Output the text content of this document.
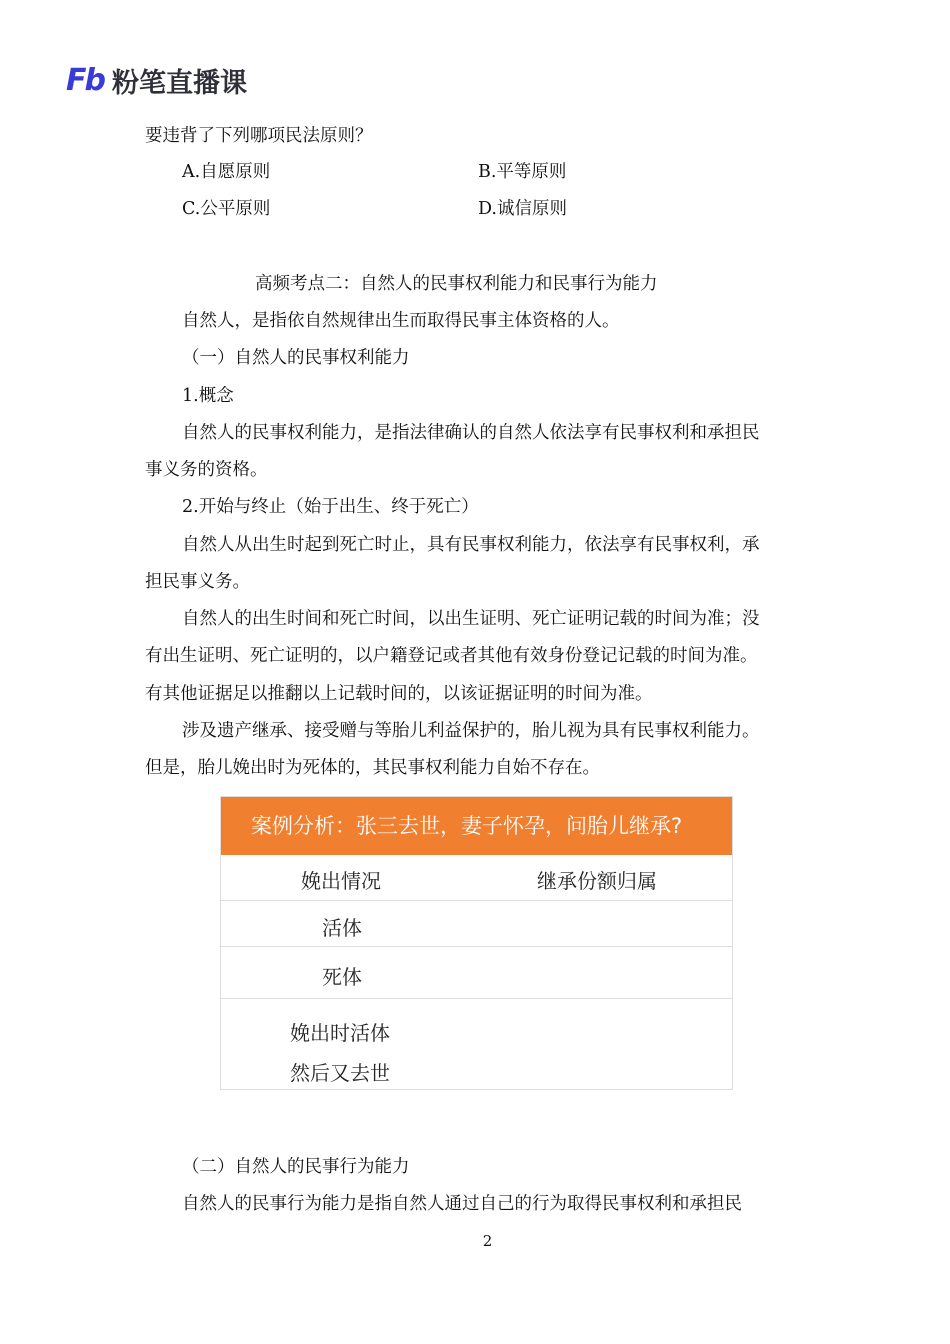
Fb 粉笔直播课
要违背了下列哪项民法原则？
A.自愿原则	B.平等原则
C.公平原则	D.诚信原则
高频考点二：自然人的民事权利能力和民事行为能力
自然人，是指依自然规律出生而取得民事主体资格的人。
（一）自然人的民事权利能力
1.概念
自然人的民事权利能力，是指法律确认的自然人依法享有民事权利和承担民
事义务的资格。
2.开始与终止（始于出生、终于死亡）
自然人从出生时起到死亡时止，具有民事权利能力，依法享有民事权利，承
担民事义务。
自然人的出生时间和死亡时间，以出生证明、死亡证明记载的时间为准；没
有出生证明、死亡证明的，以户籍登记或者其他有效身份登记记载的时间为准。
有其他证据足以推翻以上记载时间的，以该证据证明的时间为准。
涉及遗产继承、接受赠与等胎儿利益保护的，胎儿视为具有民事权利能力。
但是，胎儿娩出时为死体的，其民事权利能力自始不存在。
案例分析：张三去世，妻子怀孕，问胎儿继承?
娩出情况	继承份额归属
活体
死体
娩出时活体
然后又去世
（二）自然人的民事行为能力
自然人的民事行为能力是指自然人通过自己的行为取得民事权利和承担民
2
